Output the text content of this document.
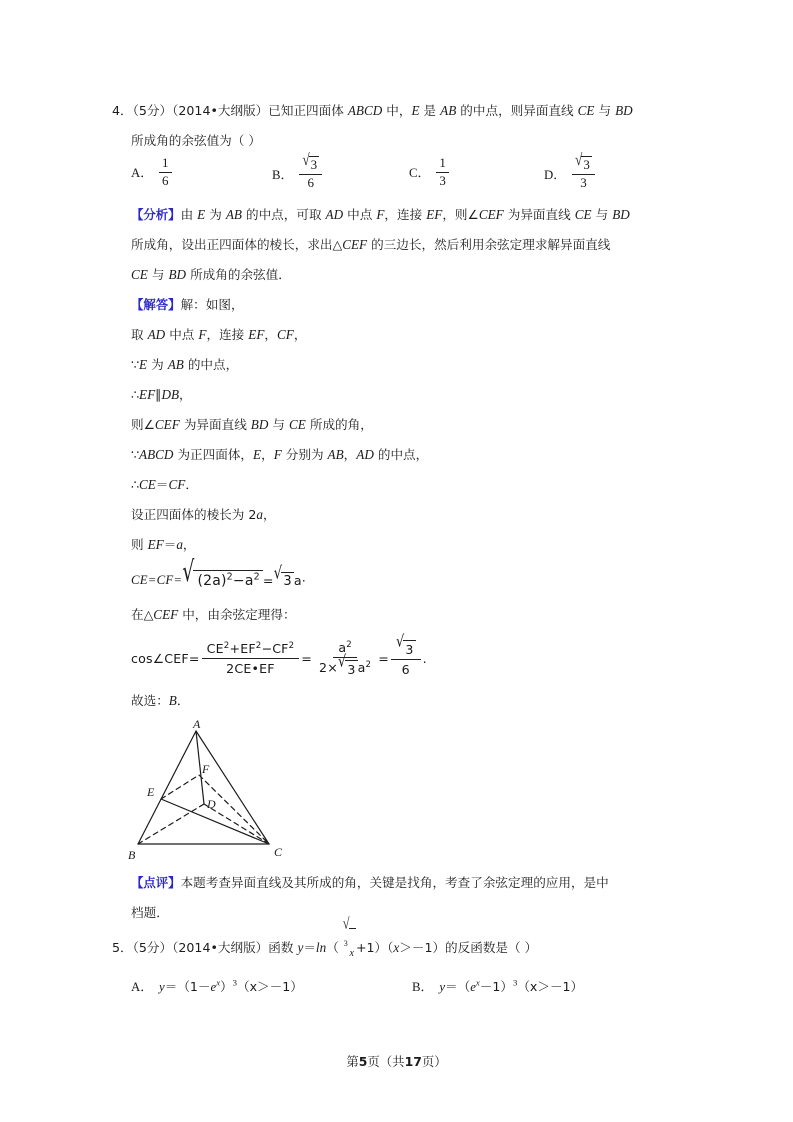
4．（5分）（2014•大纲版）已知正四面体 ABCD 中，E 是 AB 的中点，则异面直线 CE 与 BD
所成角的余弦值为（ ）
A． $\frac{1}{6}$	B． $\frac{√ 3}{6}$	C． $\frac{1}{3}$	D． $\frac{√ 3}{3}$
【分析】由 E 为 AB 的中点，可取 AD 中点 F，连接 EF，则∠CEF 为异面直线 CE 与 BD
所成角，设出正四面体的棱长，求出△CEF 的三边长，然后利用余弦定理求解异面直线
CE 与 BD 所成角的余弦值．
【解答】解：如图，
取 AD 中点 F，连接 EF，CF，
∵E 为 AB 的中点，
∴EF∥DB，
则∠CEF 为异面直线 BD 与 CE 所成的角，
∵ABCD 为正四面体，E，F 分别为 AB，AD 的中点，
∴CE＝CF．
设正四面体的棱长为 2a，
则 EF＝a，
CE=CF= √ $(2a)^2-a^2$ = √ 3 a·
在△CEF 中，由余弦定理得：
cos∠CEF= $\frac{CE^2+EF^2-CF^2}{2CE•EF} = \frac{a^2}{2\times √ 3 a^2} = \frac{√ 3}{6}$ .
故选：B．
A
B	C
D
E
F
【点评】本题考查异面直线及其所成的角，关键是找角，考查了余弦定理的应用，是中
档题．
5．（5分）（2014•大纲版）函数 y＝ln（ 3
√
$_x$ +1）（x＞－1）的反函数是（ ）
A． $y=(1-e^x)^3(x>-1)$	B． $y=(e^x-1)^3(x>-1)$
第5页（共17页）
